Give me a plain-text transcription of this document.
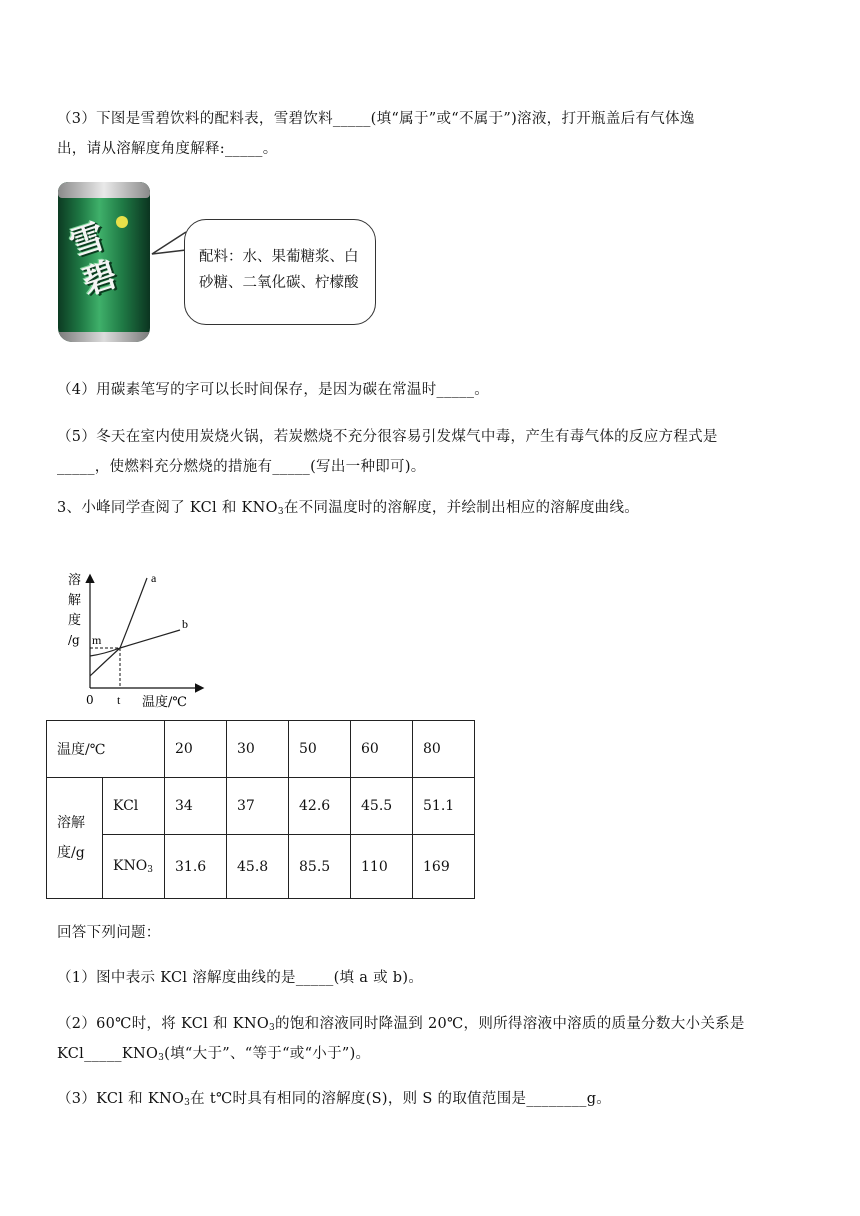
（3）下图是雪碧饮料的配料表，雪碧饮料_____(填“属于”或“不属于”)溶液，打开瓶盖后有气体逸
出，请从溶解度角度解释:_____。
雪碧	配料：水、果葡糖浆、白
砂糖、二氧化碳、柠檬酸
（4）用碳素笔写的字可以长时间保存，是因为碳在常温时_____。
（5）冬天在室内使用炭烧火锅，若炭燃烧不充分很容易引发煤气中毒，产生有毒气体的反应方程式是
_____，使燃料充分燃烧的措施有_____(写出一种即可)。
3、小峰同学查阅了 KCl 和 $KNO_3$在不同温度时的溶解度，并绘制出相应的溶解度曲线。
a
b
溶
解
度
/g m
0 t 温度/℃
温度/℃		20	30	50	60	80

溶解
度/g	KCl	34	37	42.6	45.5	51.1
	$KNO_3$	31.6	45.8	85.5	110	169
回答下列问题：
（1）图中表示 KCl 溶解度曲线的是_____(填 a 或 b)。
（2）60℃时，将 KCl 和 $KNO_3$的饱和溶液同时降温到 20℃，则所得溶液中溶质的质量分数大小关系是
$KCl\_\_\_\_\_KNO_3$(填“大于”、“等于“或“小于”)。
（3）KCl 和 $KNO_3$在 t℃时具有相同的溶解度(S)，则 S 的取值范围是________g。
